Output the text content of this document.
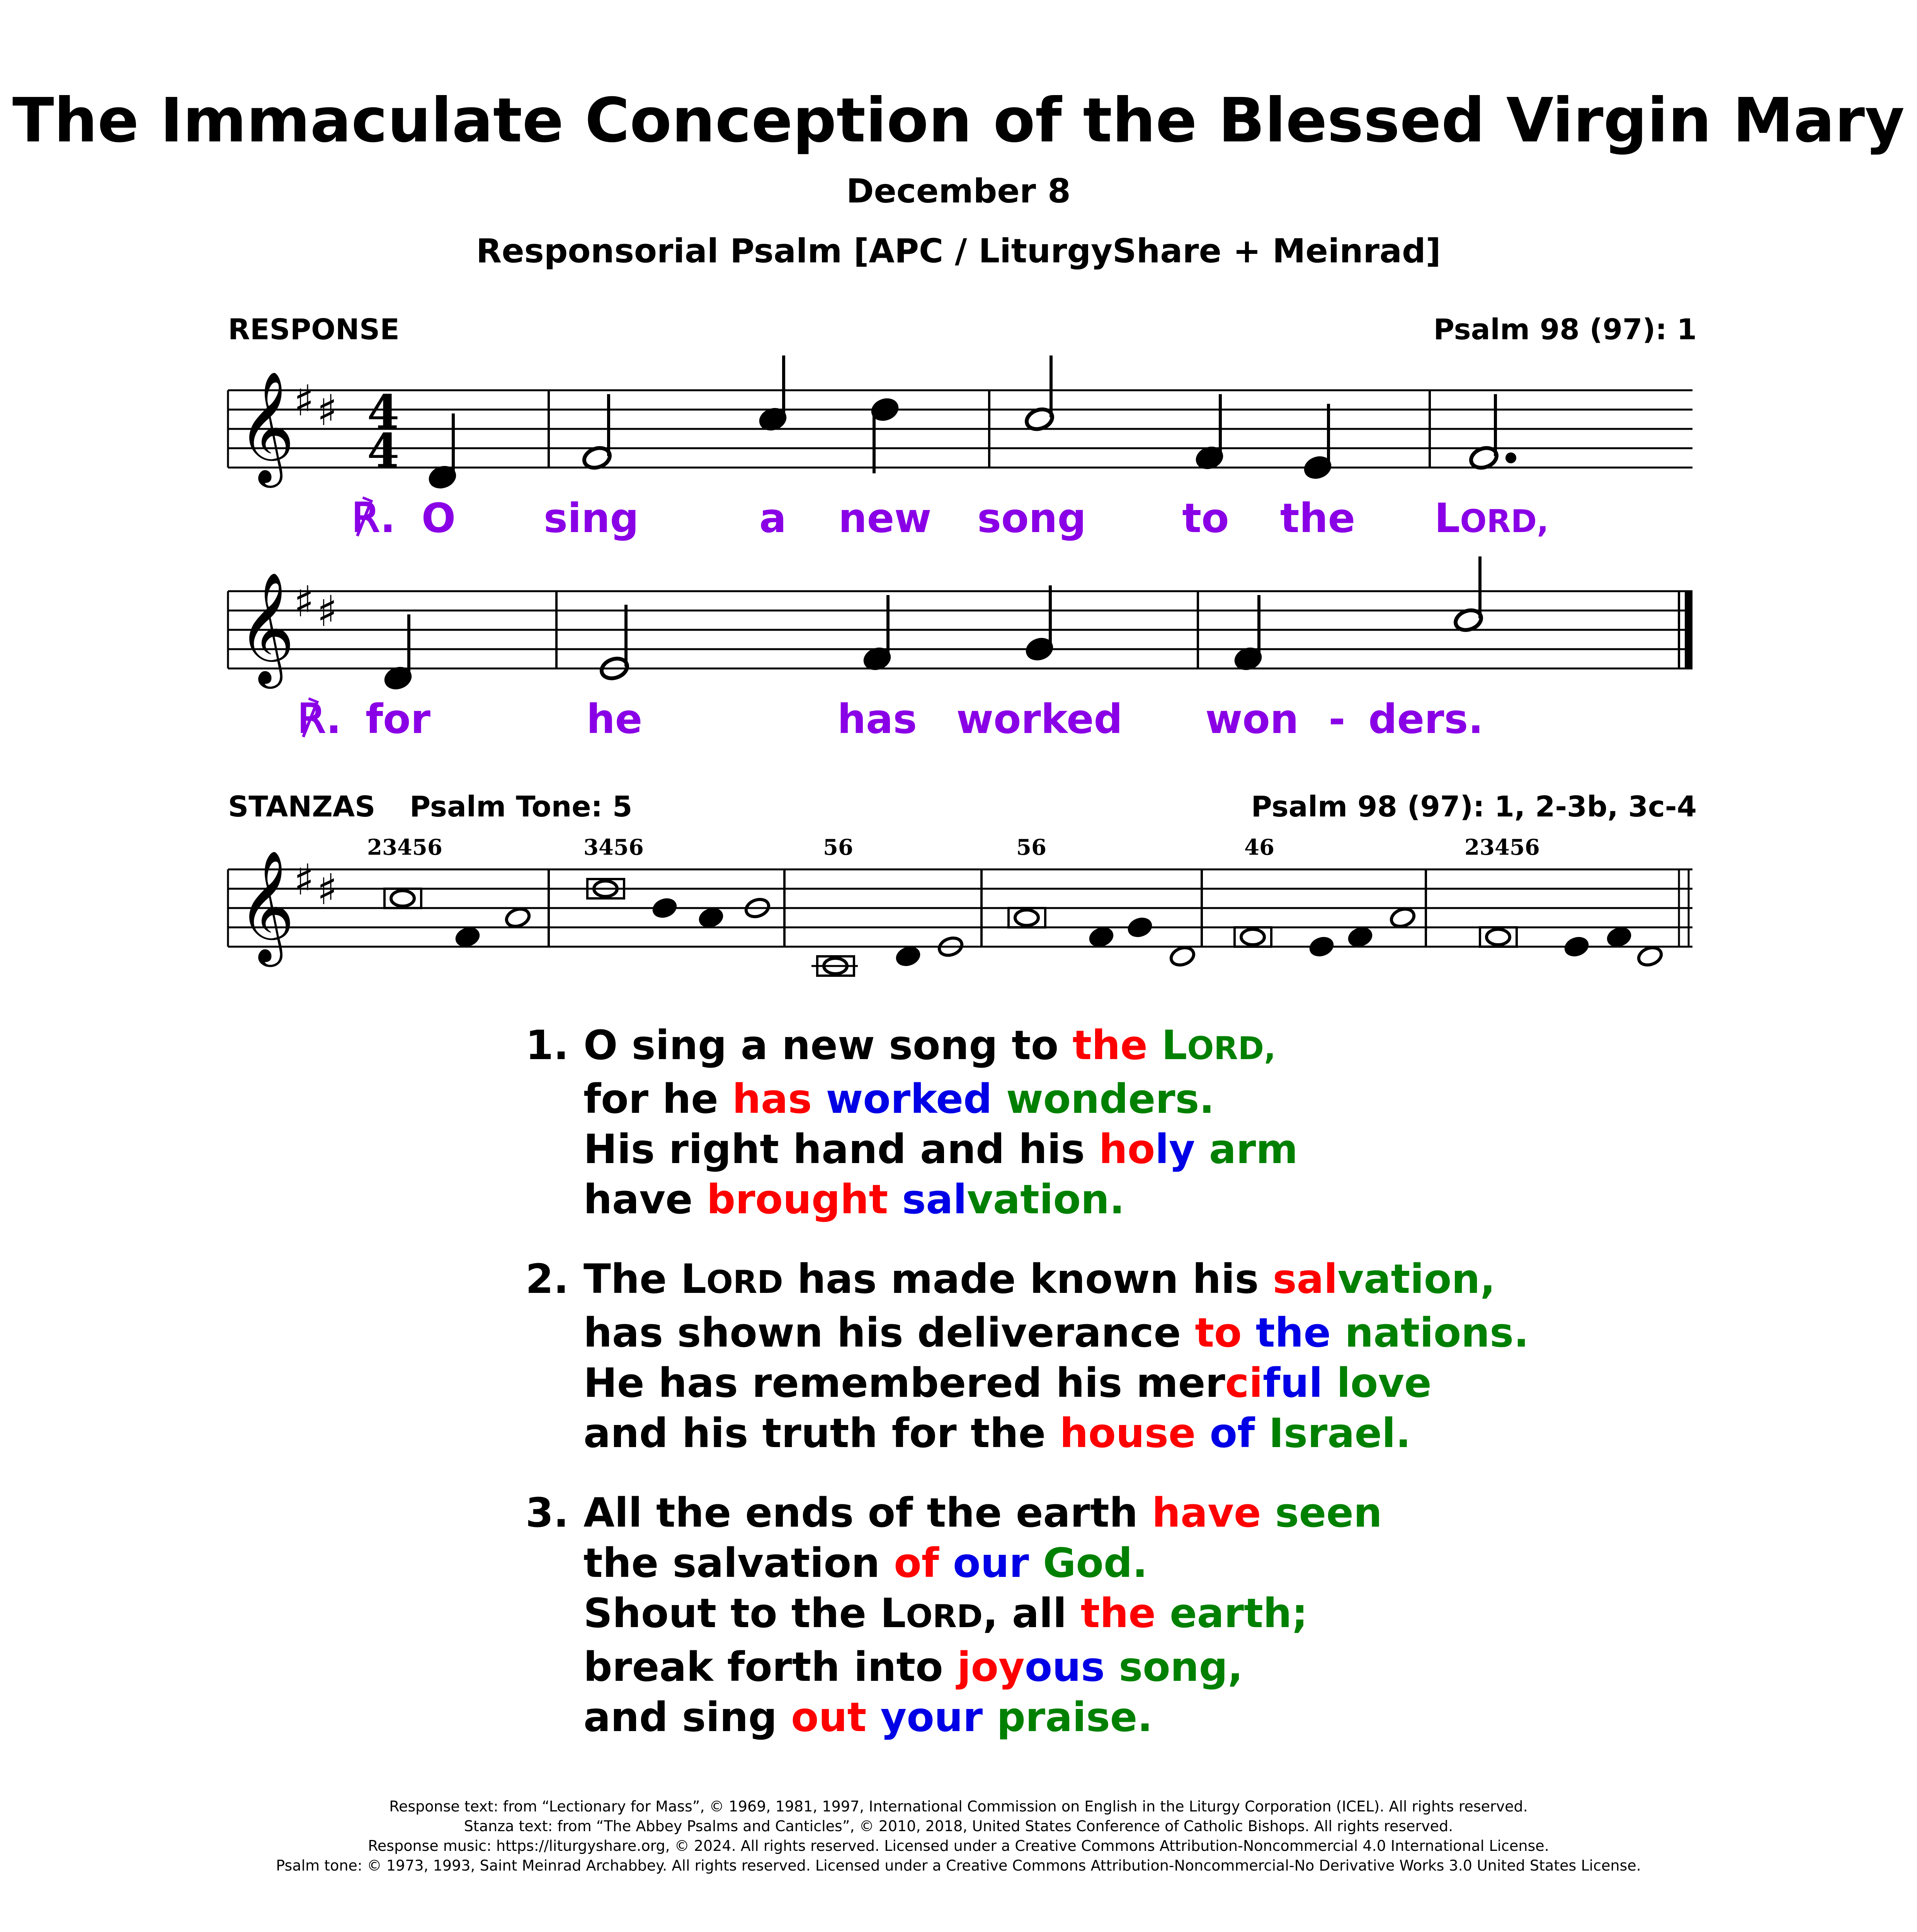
The Immaculate Conception of the Blessed Virgin Mary
December 8
Responsorial Psalm [APC / LiturgyShare + Meinrad]
RESPONSE	Psalm 98 (97): 1
𝄞
♯ ♯ 4
4
℟. O sing	a new song to the LORD,
𝄞
♯ ♯
℟. for	he	has worked won - ders.
STANZAS Psalm Tone: 5	Psalm 98 (97): 1, 2-3b, 3c-4
23456	3456	56	56	46	23456
𝄞
♯ ♯
1. O sing a new song to the LORD,
for he has worked wonders.
His right hand and his holy arm
have brought salvation.
2. The LORD has made known his salvation,
has shown his deliverance to the nations.
He has remembered his merciful love
and his truth for the house of Israel.
3. All the ends of the earth have seen
the salvation of our God.
Shout to the LORD, all the earth;
break forth into joyous song,
and sing out your praise.
Response text: from “Lectionary for Mass”, © 1969, 1981, 1997, International Commission on English in the Liturgy Corporation (ICEL). All rights reserved.
Stanza text: from “The Abbey Psalms and Canticles”, © 2010, 2018, United States Conference of Catholic Bishops. All rights reserved.
Response music: https://liturgyshare.org, © 2024. All rights reserved. Licensed under a Creative Commons Attribution-Noncommercial 4.0 International License.
Psalm tone: © 1973, 1993, Saint Meinrad Archabbey. All rights reserved. Licensed under a Creative Commons Attribution-Noncommercial-No Derivative Works 3.0 United States License.
